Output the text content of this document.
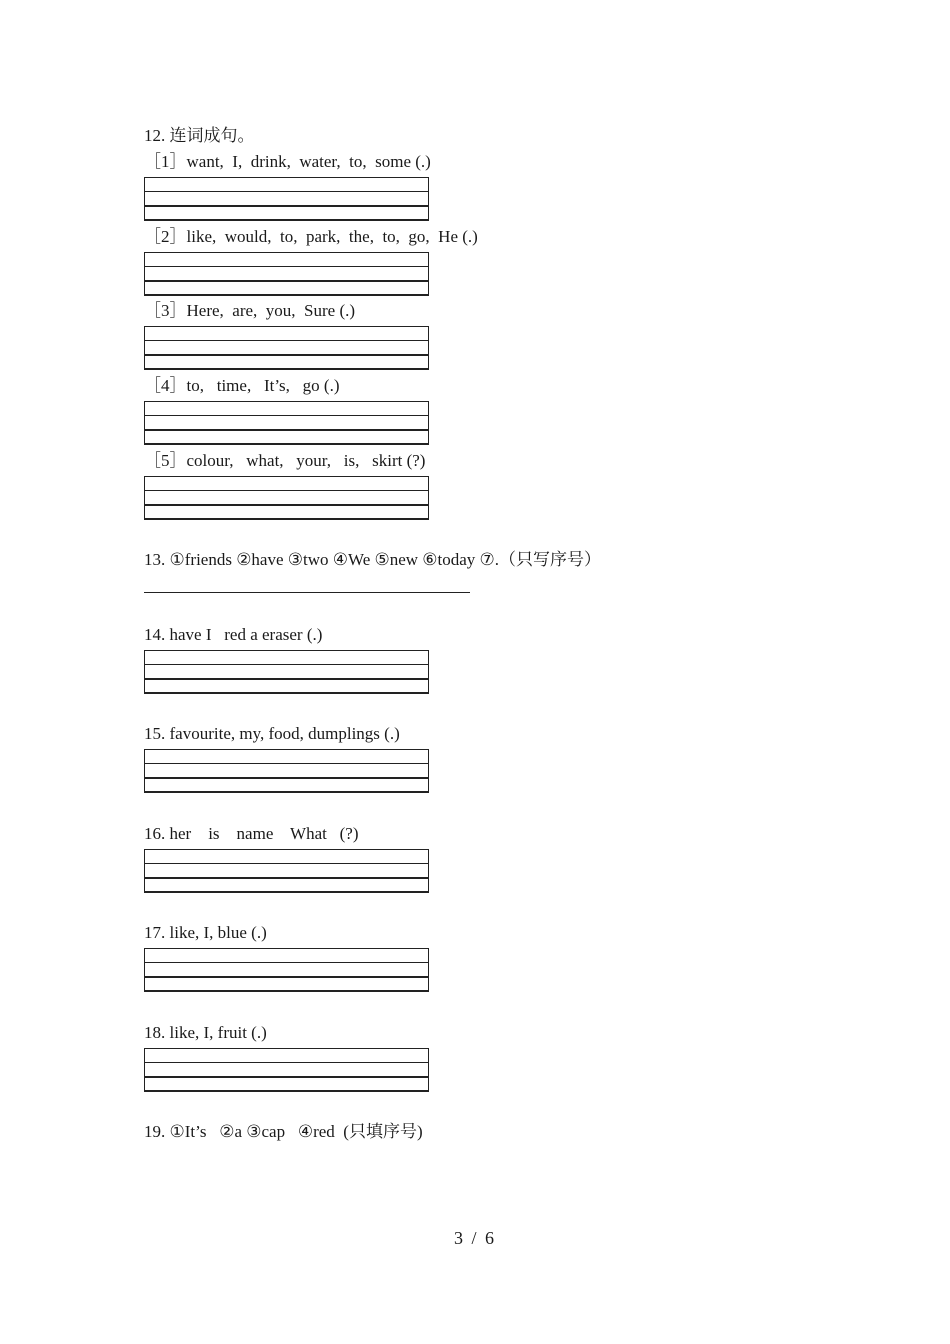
12. 连词成句。
［1］want,  I,  drink,  water,  to,  some (.)
［2］like,  would,  to,  park,  the,  to,  go,  He (.)
［3］Here,  are,  you,  Sure (.)
［4］to,   time,   It’s,   go (.)
［5］colour,   what,   your,   is,   skirt (?)
13. ①friends ②have ③two ④We ⑤new ⑥today ⑦.（只写序号）
14. have I   red a eraser (.)
15. favourite, my, food, dumplings (.)
16. her    is    name    What   (?)
17. like, I, blue (.)
18. like, I, fruit (.)
19. ①It’s   ②a ③cap   ④red  (只填序号)
3 / 6
